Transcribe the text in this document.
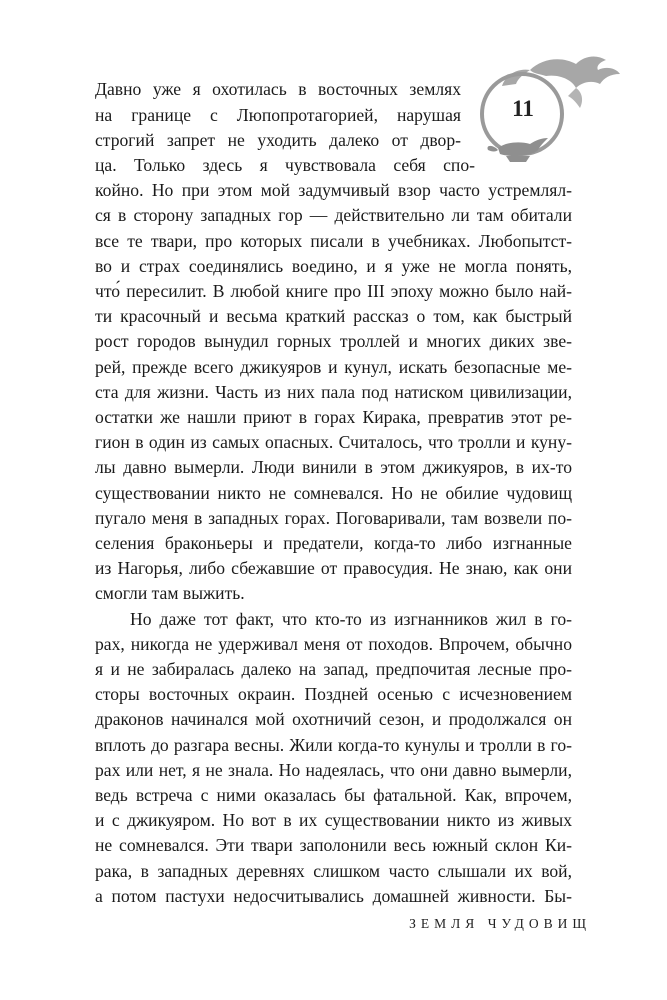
11
Давно уже я охотилась в восточных землях
на границе с Люпопротагорией, нарушая
строгий запрет не уходить далеко от двор-
ца. Только здесь я чувствовала себя спо-
койно. Но при этом мой задумчивый взор часто устремлял-
ся в сторону западных гор — действительно ли там обитали
все те твари, про которых писали в учебниках. Любопытст-
во и страх соединялись воедино, и я уже не могла понять,
что́ пересилит. В любой книге про III эпоху можно было най-
ти красочный и весьма краткий рассказ о том, как быстрый
рост городов вынудил горных троллей и многих диких зве-
рей, прежде всего джикуяров и кунул, искать безопасные ме-
ста для жизни. Часть из них пала под натиском цивилизации,
остатки же нашли приют в горах Кирака, превратив этот ре-
гион в один из самых опасных. Считалось, что тролли и куну-
лы давно вымерли. Люди винили в этом джикуяров, в их-то
существовании никто не сомневался. Но не обилие чудовищ
пугало меня в западных горах. Поговаривали, там возвели по-
селения браконьеры и предатели, когда-то либо изгнанные
из Нагорья, либо сбежавшие от правосудия. Не знаю, как они
смогли там выжить.
Но даже тот факт, что кто-то из изгнанников жил в го-
рах, никогда не удерживал меня от походов. Впрочем, обычно
я и не забиралась далеко на запад, предпочитая лесные про-
сторы восточных окраин. Поздней осенью с исчезновением
драконов начинался мой охотничий сезон, и продолжался он
вплоть до разгара весны. Жили когда-то кунулы и тролли в го-
рах или нет, я не знала. Но надеялась, что они давно вымерли,
ведь встреча с ними оказалась бы фатальной. Как, впрочем,
и с джикуяром. Но вот в их существовании никто из живых
не сомневался. Эти твари заполонили весь южный склон Ки-
рака, в западных деревнях слишком часто слышали их вой,
а потом пастухи недосчитывались домашней живности. Бы-
ЗЕМЛЯ ЧУДОВИЩ
